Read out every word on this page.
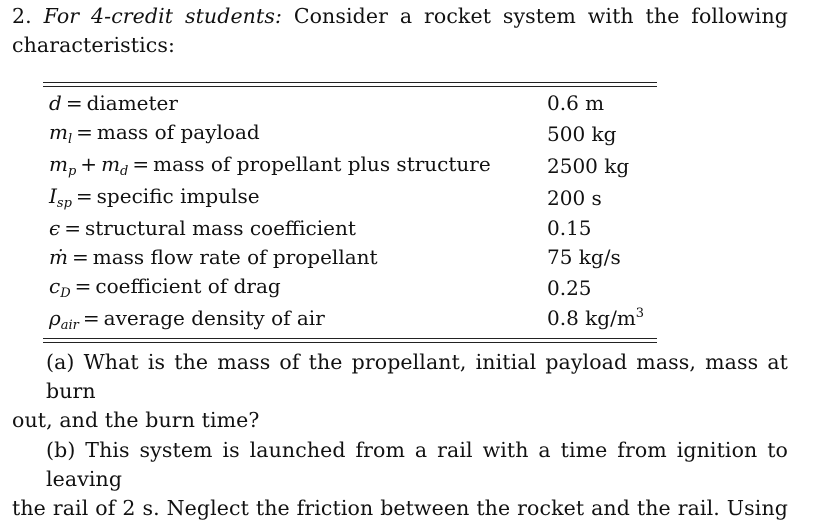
2. For 4-credit students: Consider a rocket system with the following
characteristics:
d = diameter	0.6 m
$m_l$ = mass of payload	500 kg
$m_p + m_d$ = mass of propellant plus structure	2500 kg
$I_{sp}$ = specific impulse	200 s
ϵ = structural mass coefficient	0.15
ṁ = mass flow rate of propellant	75 kg/s
$c_D$ = coefficient of drag	0.25
$\rho_{air}$ = average density of air	0.8 $kg/m^3$
(a) What is the mass of the propellant, initial payload mass, mass at burn
out, and the burn time?
(b) This system is launched from a rail with a time from ignition to leaving
the rail of 2 s. Neglect the friction between the rocket and the rail. Using
